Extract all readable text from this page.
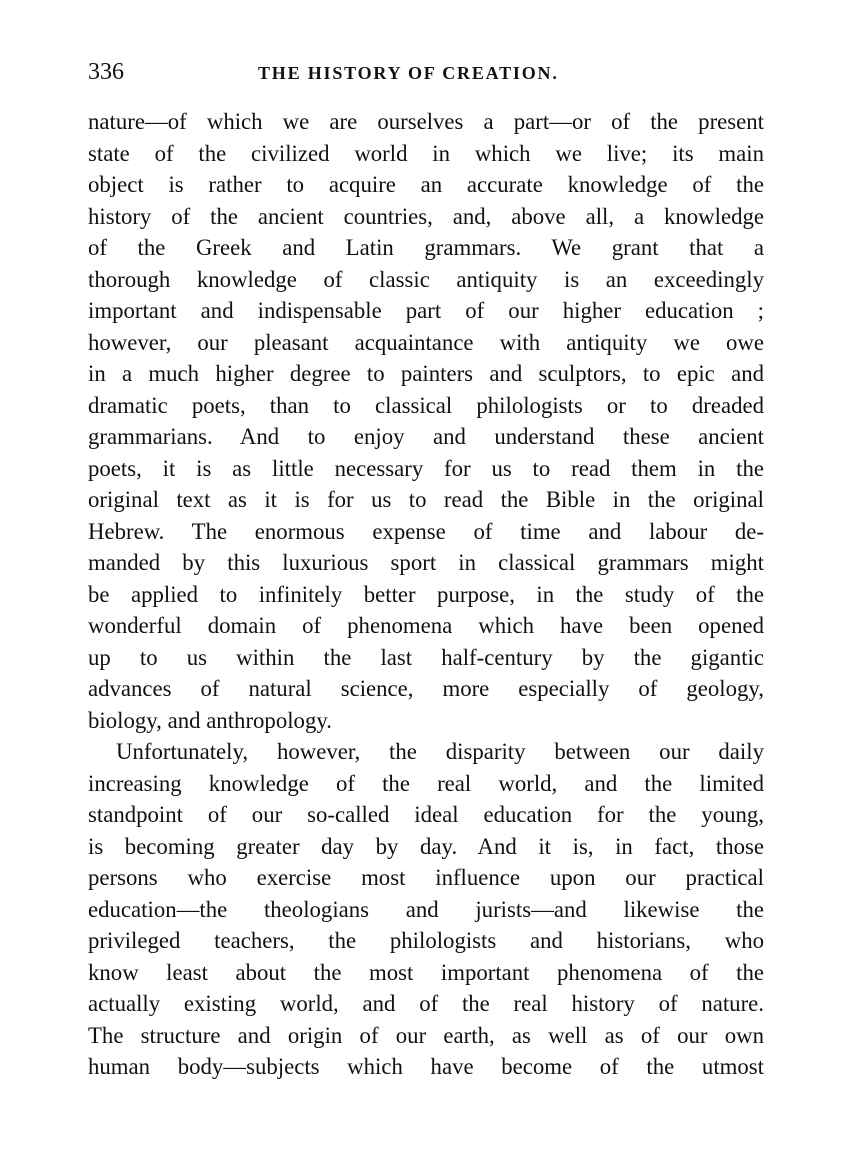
336	THE HISTORY OF CREATION.
nature—of which we are ourselves a part—or of the present
state of the civilized world in which we live; its main
object is rather to acquire an accurate knowledge of the
history of the ancient countries, and, above all, a knowledge
of the Greek and Latin grammars. We grant that a
thorough knowledge of classic antiquity is an exceedingly
important and indispensable part of our higher education ;
however, our pleasant acquaintance with antiquity we owe
in a much higher degree to painters and sculptors, to epic and
dramatic poets, than to classical philologists or to dreaded
grammarians. And to enjoy and understand these ancient
poets, it is as little necessary for us to read them in the
original text as it is for us to read the Bible in the original
Hebrew. The enormous expense of time and labour de-
manded by this luxurious sport in classical grammars might
be applied to infinitely better purpose, in the study of the
wonderful domain of phenomena which have been opened
up to us within the last half-century by the gigantic
advances of natural science, more especially of geology,
biology, and anthropology.
Unfortunately, however, the disparity between our daily
increasing knowledge of the real world, and the limited
standpoint of our so-called ideal education for the young,
is becoming greater day by day. And it is, in fact, those
persons who exercise most influence upon our practical
education—the theologians and jurists—and likewise the
privileged teachers, the philologists and historians, who
know least about the most important phenomena of the
actually existing world, and of the real history of nature.
The structure and origin of our earth, as well as of our own
human body—subjects which have become of the utmost
